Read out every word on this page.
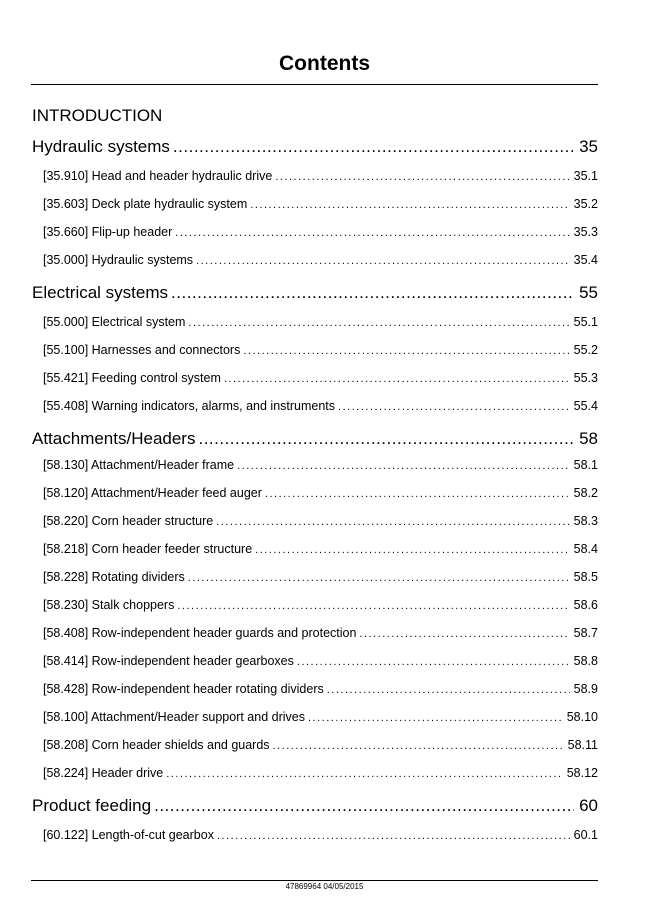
Contents
INTRODUCTION
Hydraulic systems .....	35
[35.910] Head and header hydraulic drive .....	35.1
[35.603] Deck plate hydraulic system .....	35.2
[35.660] Flip-up header .....	35.3
[35.000] Hydraulic systems .....	35.4
Electrical systems .....	55
[55.000] Electrical system .....	55.1
[55.100] Harnesses and connectors .....	55.2
[55.421] Feeding control system .....	55.3
[55.408] Warning indicators, alarms, and instruments .....	55.4
Attachments/Headers .....	58
[58.130] Attachment/Header frame .....	58.1
[58.120] Attachment/Header feed auger .....	58.2
[58.220] Corn header structure .....	58.3
[58.218] Corn header feeder structure .....	58.4
[58.228] Rotating dividers .....	58.5
[58.230] Stalk choppers .....	58.6
[58.408] Row-independent header guards and protection .....	58.7
[58.414] Row-independent header gearboxes .....	58.8
[58.428] Row-independent header rotating dividers .....	58.9
[58.100] Attachment/Header support and drives .....	58.10
[58.208] Corn header shields and guards .....	58.11
[58.224] Header drive .....	58.12
Product feeding .....	60
[60.122] Length-of-cut gearbox .....	60.1
47869964 04/05/2015
